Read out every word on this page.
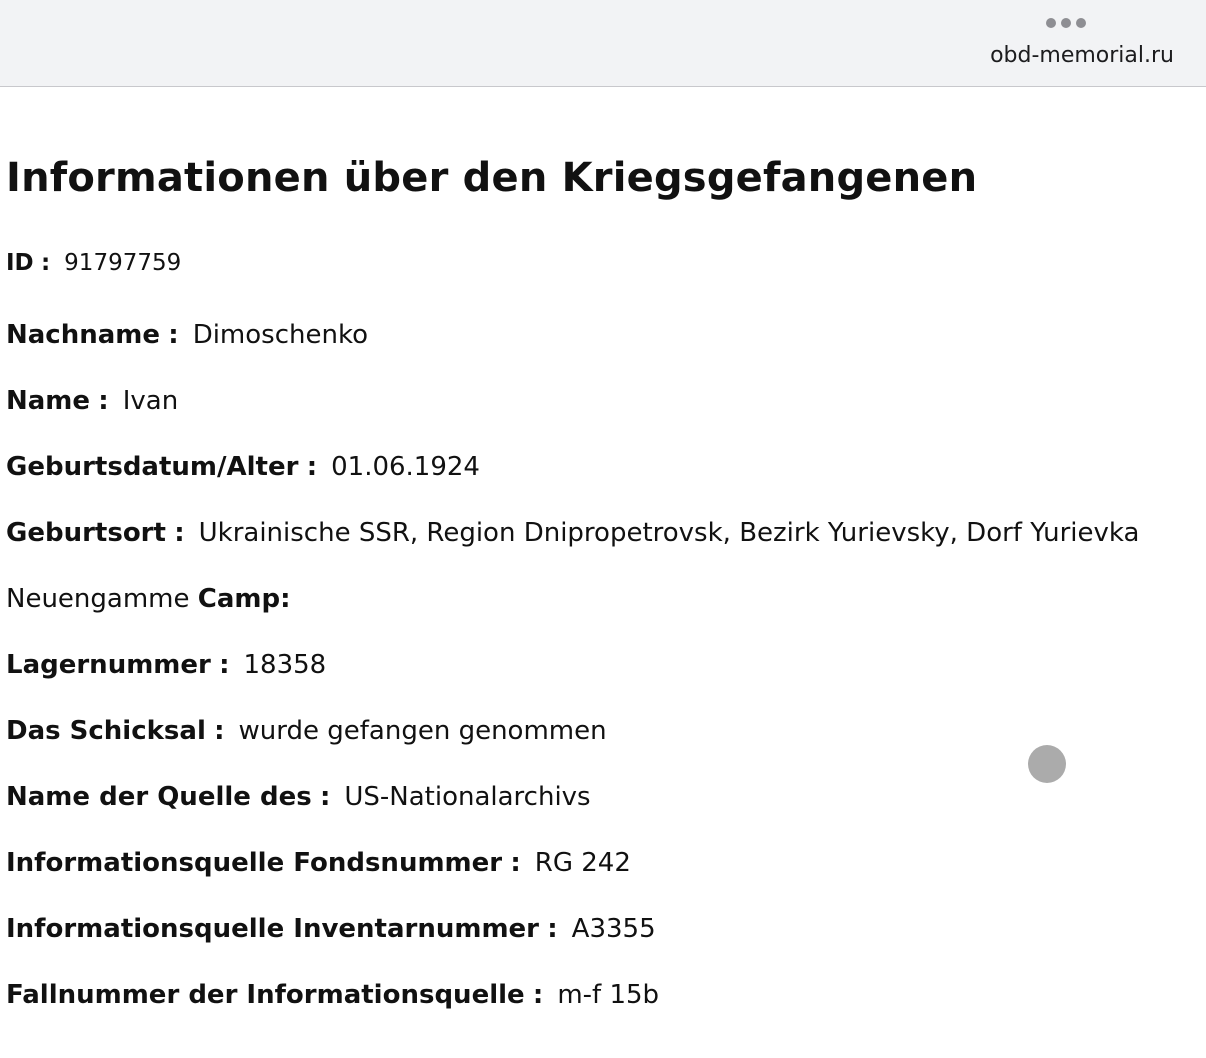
obd-memorial.ru
Informationen über den Kriegsgefangenen
ID : 91797759
Nachname : Dimoschenko
Name : Ivan
Geburtsdatum/Alter : 01.06.1924
Geburtsort : Ukrainische SSR, Region Dnipropetrovsk, Bezirk Yurievsky, Dorf Yurievka
Neuengamme Camp:
Lagernummer : 18358
Das Schicksal : wurde gefangen genommen
Name der Quelle des : US-Nationalarchivs
Informationsquelle Fondsnummer : RG 242
Informationsquelle Inventarnummer : A3355
Fallnummer der Informationsquelle : m-f 15b
